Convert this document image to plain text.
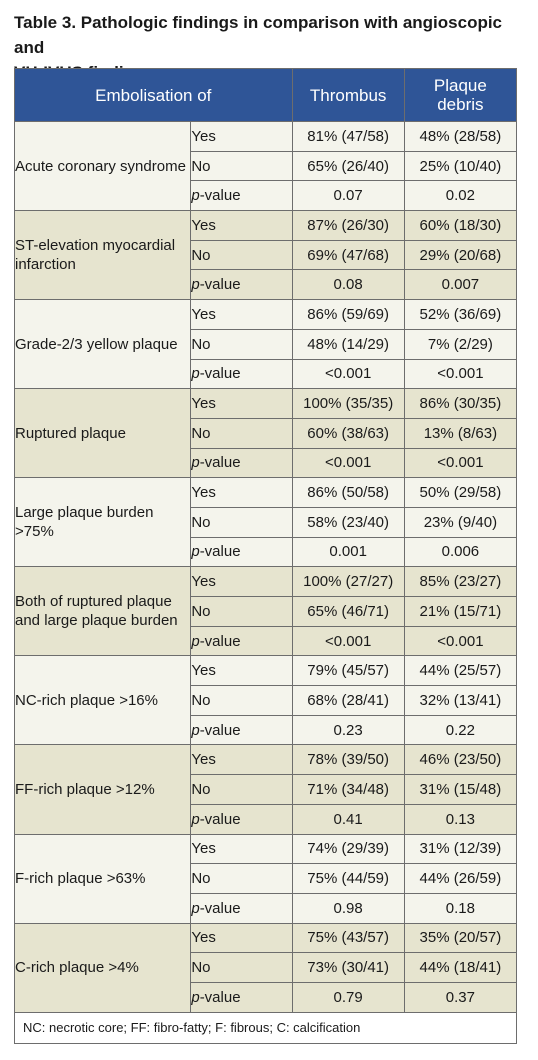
Table 3. Pathologic findings in comparison with angioscopic and
Embolisation of		Thrombus	Plaque
debris

Acute coronary syndrome	Yes	81% (47/58)	48% (28/58)
	No	65% (26/40)	25% (10/40)
	p-value	0.07	0.02
ST-elevation myocardial infarction	Yes	87% (26/30)	60% (18/30)
	No	69% (47/68)	29% (20/68)
	p-value	0.08	0.007
Grade-2/3 yellow plaque	Yes	86% (59/69)	52% (36/69)
	No	48% (14/29)	7% (2/29)
	p-value	<0.001	<0.001
Ruptured plaque	Yes	100% (35/35)	86% (30/35)
	No	60% (38/63)	13% (8/63)
	p-value	<0.001	<0.001
Large plaque burden >75%	Yes	86% (50/58)	50% (29/58)
	No	58% (23/40)	23% (9/40)
	p-value	0.001	0.006
Both of ruptured plaque and large plaque burden	Yes	100% (27/27)	85% (23/27)
	No	65% (46/71)	21% (15/71)
	p-value	<0.001	<0.001
NC-rich plaque >16%	Yes	79% (45/57)	44% (25/57)
	No	68% (28/41)	32% (13/41)
	p-value	0.23	0.22
FF-rich plaque >12%	Yes	78% (39/50)	46% (23/50)
	No	71% (34/48)	31% (15/48)
	p-value	0.41	0.13
F-rich plaque >63%	Yes	74% (29/39)	31% (12/39)
	No	75% (44/59)	44% (26/59)
	p-value	0.98	0.18
C-rich plaque >4%	Yes	75% (43/57)	35% (20/57)
	No	73% (30/41)	44% (18/41)
	p-value	0.79	0.37
NC: necrotic core; FF: fibro-fatty; F: fibrous; C: calcification			
